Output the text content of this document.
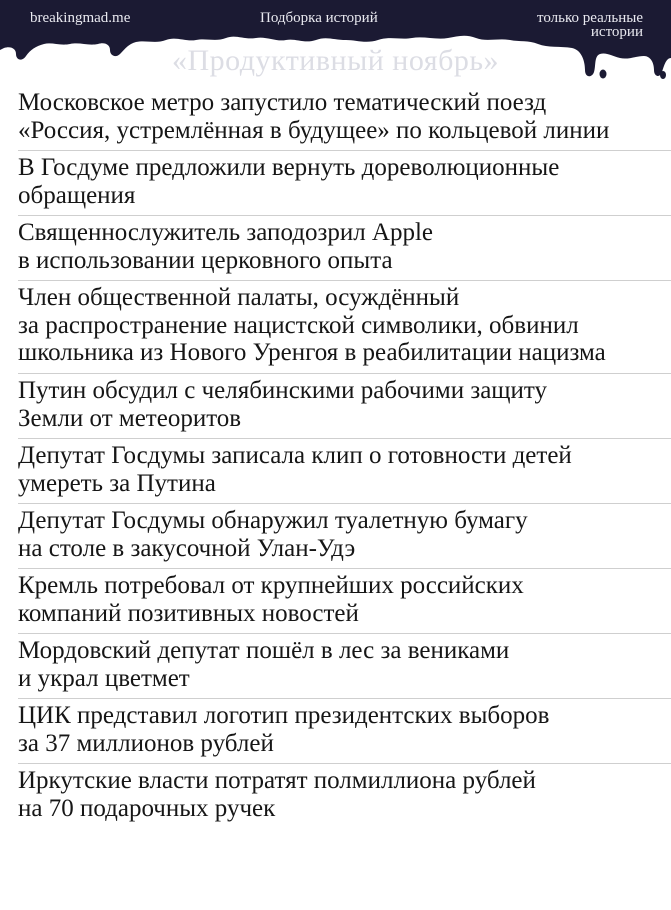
breakingmad.me	Подборка историй	только реальные
истории
«Продуктивный ноябрь»
Московское метро запустило тематический поезд
«Россия, устремлённая в будущее» по кольцевой линии
В Госдуме предложили вернуть дореволюционные
обращения
Священнослужитель заподозрил Apple
в использовании церковного опыта
Член общественной палаты, осуждённый
за распространение нацистской символики, обвинил
школьника из Нового Уренгоя в реабилитации нацизма
Путин обсудил с челябинскими рабочими защиту
Земли от метеоритов
Депутат Госдумы записала клип о готовности детей
умереть за Путина
Депутат Госдумы обнаружил туалетную бумагу
на столе в закусочной Улан-Удэ
Кремль потребовал от крупнейших российских
компаний позитивных новостей
Мордовский депутат пошёл в лес за вениками
и украл цветмет
ЦИК представил логотип президентских выборов
за 37 миллионов рублей
Иркутские власти потратят полмиллиона рублей
на 70 подарочных ручек
